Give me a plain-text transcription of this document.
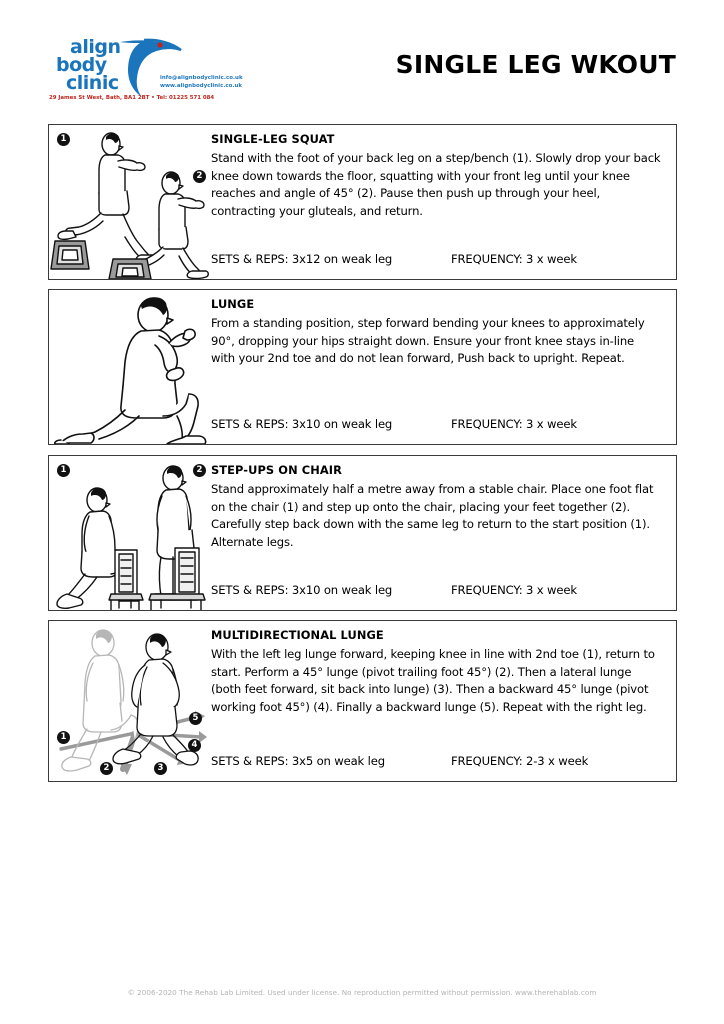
align
body
clinic	info@alignbodyclinic.co.uk
www.alignbodyclinic.co.uk
29 James St West, Bath, BA1 2BT • Tel: 01225 571 084
SINGLE LEG WKOUT
1
2
SINGLE-LEG SQUAT
Stand with the foot of your back leg on a step/bench (1). Slowly drop your back knee down towards the floor, squatting with your front leg until your knee reaches and angle of 45° (2). Pause then push up through your heel, contracting your gluteals, and return.
SETS & REPS: 3x12 on weak leg	FREQUENCY: 3 x week
LUNGE
From a standing position, step forward bending your knees to approximately 90°, dropping your hips straight down. Ensure your front knee stays in-line with your 2nd toe and do not lean forward, Push back to upright. Repeat.
SETS & REPS: 3x10 on weak leg	FREQUENCY: 3 x week
1	2 STEP-UPS ON CHAIR
Stand approximately half a metre away from a stable chair. Place one foot flat on the chair (1) and step up onto the chair, placing your feet together (2). Carefully step back down with the same leg to return to the start position (1). Alternate legs.
SETS & REPS: 3x10 on weak leg	FREQUENCY: 3 x week
1
2	3
4
5
MULTIDIRECTIONAL LUNGE
With the left leg lunge forward, keeping knee in line with 2nd toe (1), return to start. Perform a 45° lunge (pivot trailing foot 45°) (2). Then a lateral lunge (both feet forward, sit back into lunge) (3). Then a backward 45° lunge (pivot working foot 45°) (4). Finally a backward lunge (5). Repeat with the right leg.
SETS & REPS: 3x5 on weak leg	FREQUENCY: 2-3 x week
© 2006-2020 The Rehab Lab Limited. Used under license. No reproduction permitted without permission. www.therehablab.com
